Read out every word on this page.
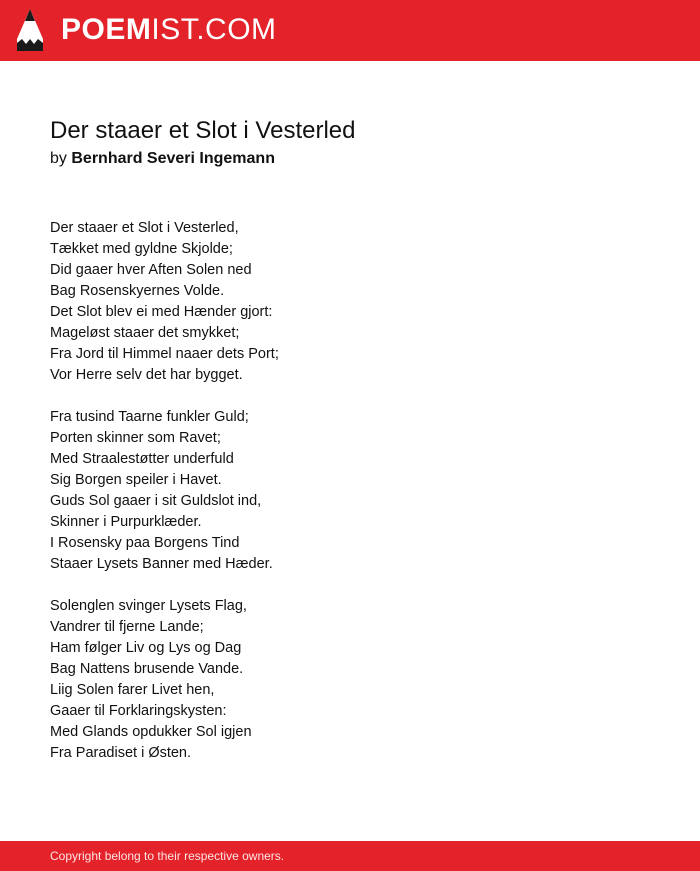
POEMIST.COM
Der staaer et Slot i Vesterled
by Bernhard Severi Ingemann
Der staaer et Slot i Vesterled,
Tækket med gyldne Skjolde;
Did gaaer hver Aften Solen ned
Bag Rosenskyernes Volde.
Det Slot blev ei med Hænder gjort:
Mageløst staaer det smykket;
Fra Jord til Himmel naaer dets Port;
Vor Herre selv det har bygget.
Fra tusind Taarne funkler Guld;
Porten skinner som Ravet;
Med Straalestøtter underfuld
Sig Borgen speiler i Havet.
Guds Sol gaaer i sit Guldslot ind,
Skinner i Purpurklæder.
I Rosensky paa Borgens Tind
Staaer Lysets Banner med Hæder.
Solenglen svinger Lysets Flag,
Vandrer til fjerne Lande;
Ham følger Liv og Lys og Dag
Bag Nattens brusende Vande.
Liig Solen farer Livet hen,
Gaaer til Forklaringskysten:
Med Glands opdukker Sol igjen
Fra Paradiset i Østen.
Copyright belong to their respective owners.
